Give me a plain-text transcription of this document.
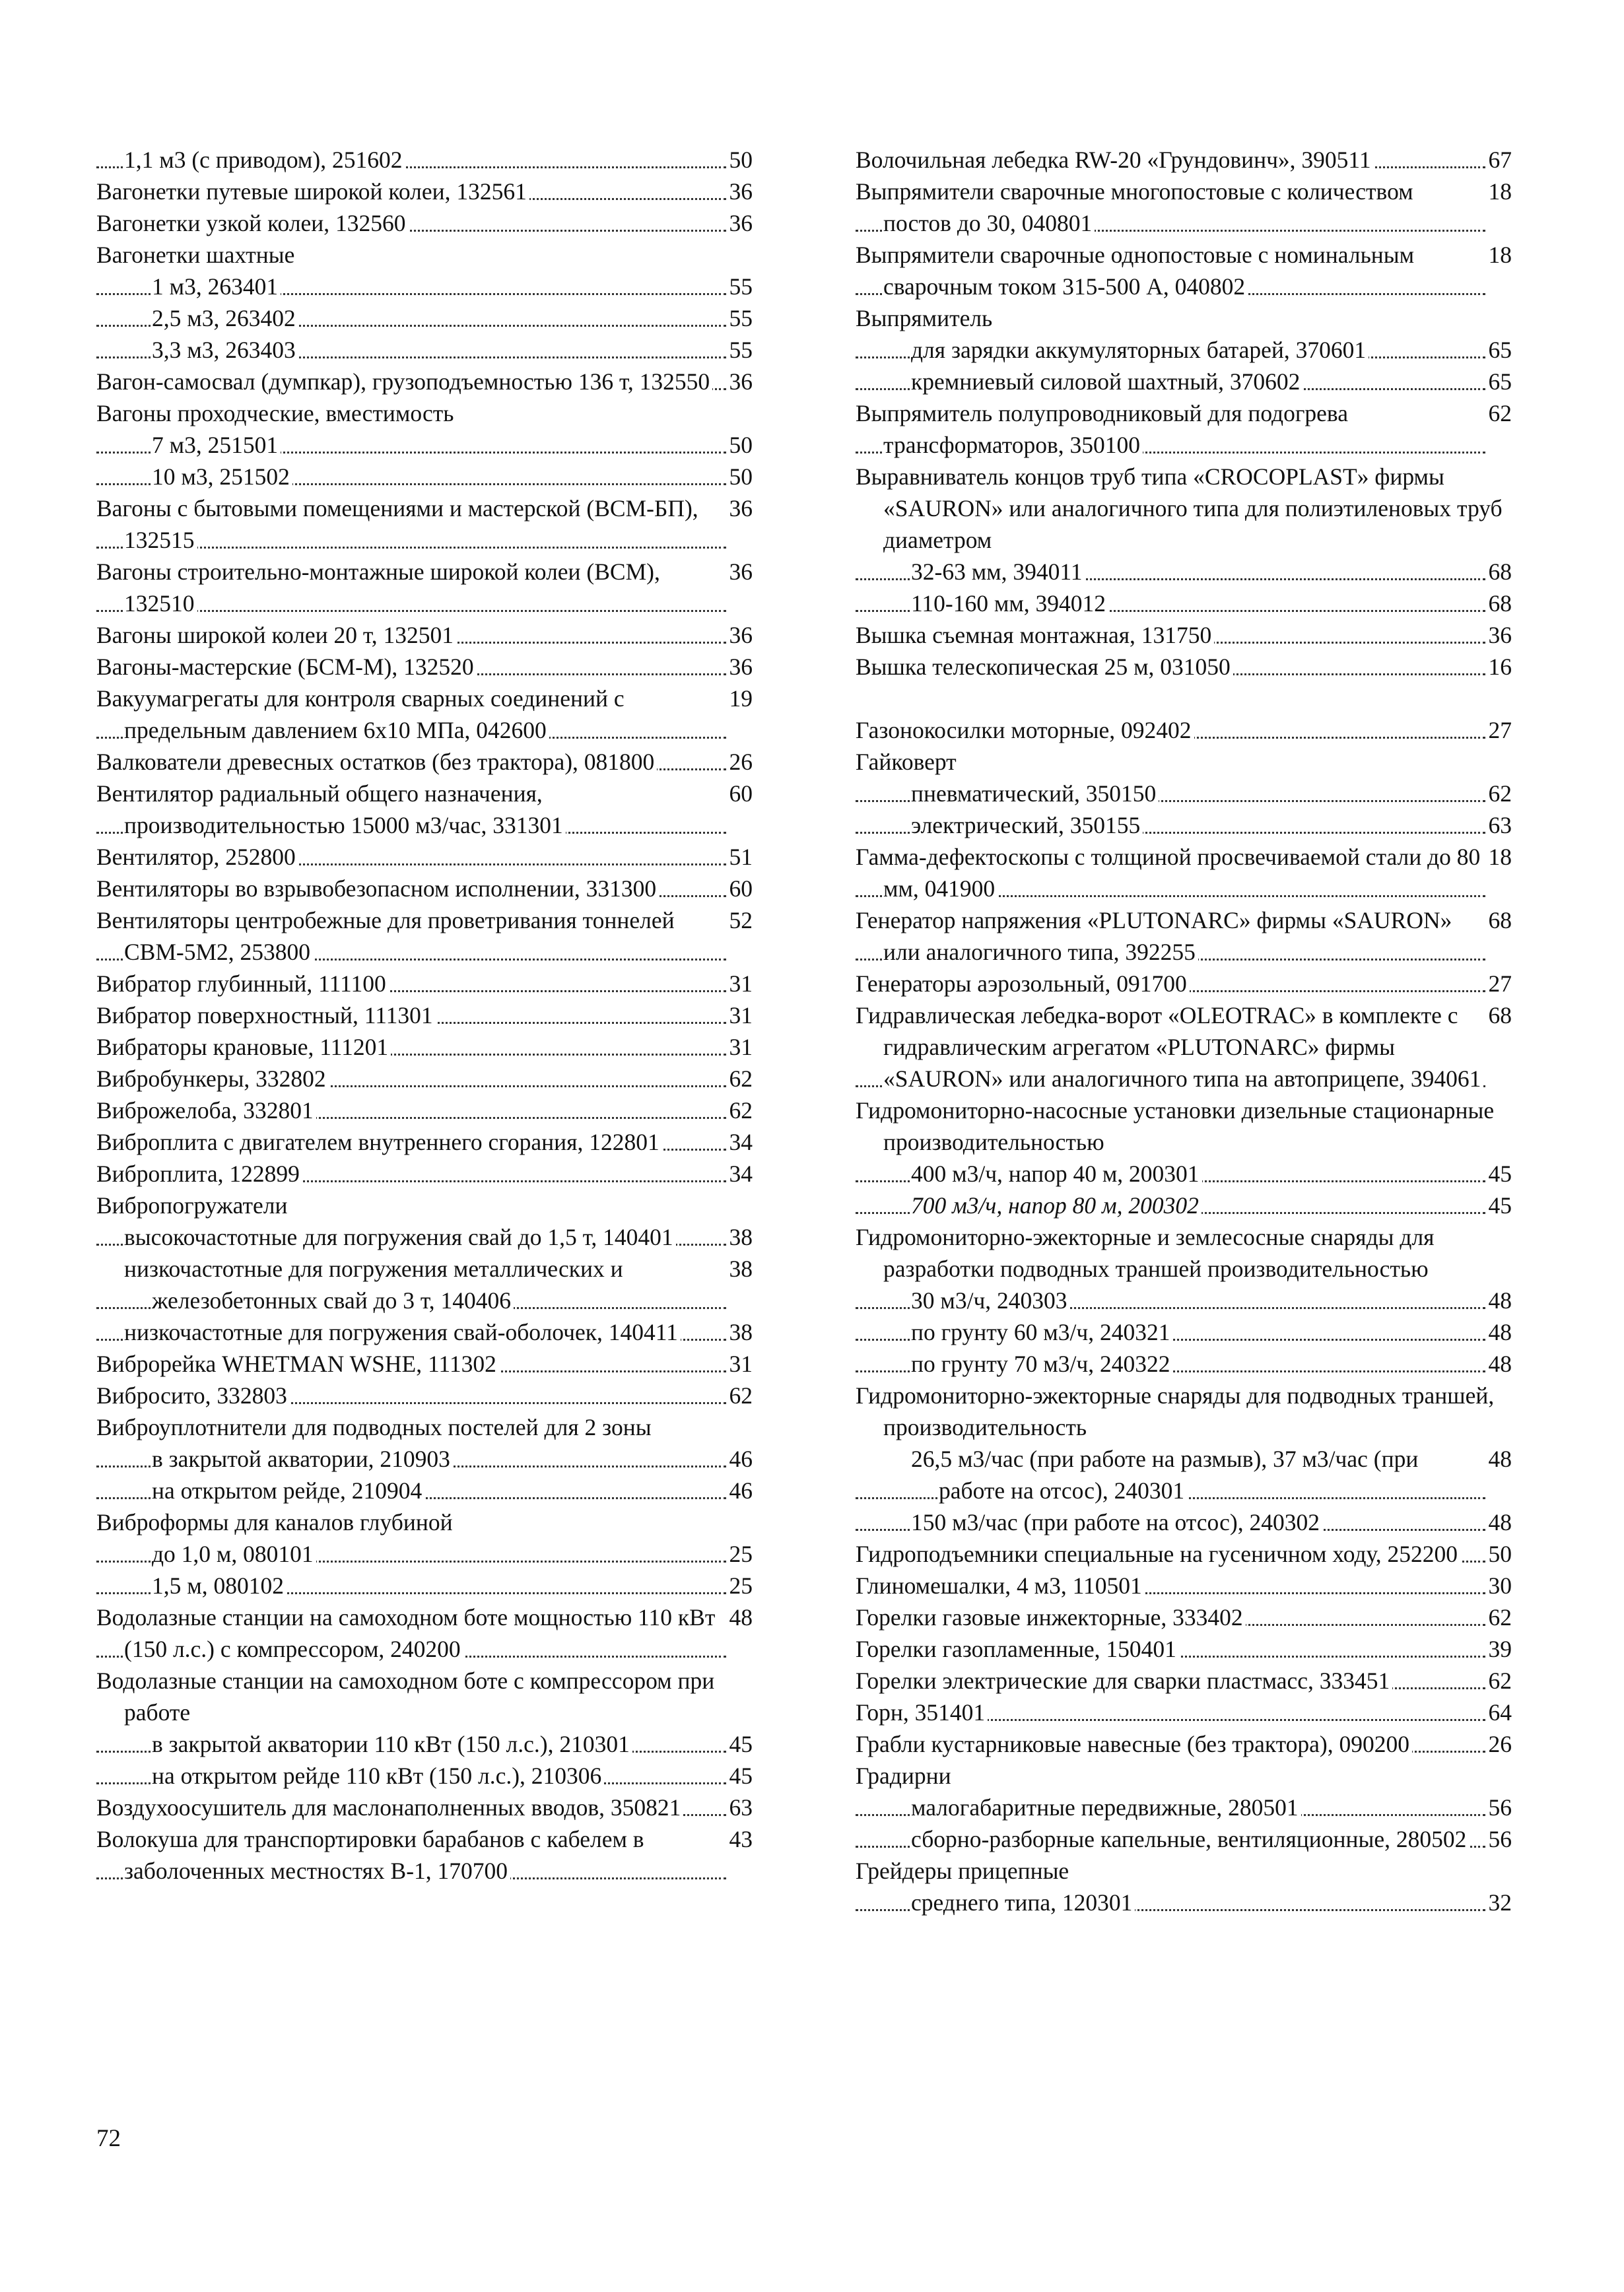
50
1,1 м3 (с приводом), 251602
36
Вагонетки путевые широкой колеи, 132561
36
Вагонетки узкой колеи, 132560
Вагонетки шахтные
55
1 м3, 263401
55
2,5 м3, 263402
55
3,3 м3, 263403
36
Вагон-самосвал (думпкар), грузоподъемностью 136 т, 132550
Вагоны проходческие, вместимость
50
7 м3, 251501
50
10 м3, 251502
36
Вагоны с бытовыми помещениями и мастерской (ВСМ-БП), 132515
36
Вагоны строительно-монтажные широкой колеи (ВСМ), 132510
36
Вагоны широкой колеи 20 т, 132501
36
Вагоны-мастерские (БСМ-М), 132520
19
Вакуумагрегаты для контроля сварных соединений с предельным давлением 6х10 МПа, 042600
26
Валкователи древесных остатков (без трактора), 081800
60
Вентилятор радиальный общего назначения, производительностью 15000 м3/час, 331301
51
Вентилятор, 252800
60
Вентиляторы во взрывобезопасном исполнении, 331300
52
Вентиляторы центробежные для проветривания тоннелей СВМ-5М2, 253800
31
Вибратор глубинный, 111100
31
Вибратор поверхностный, 111301
31
Вибраторы крановые, 111201
62
Вибробункеры, 332802
62
Виброжелоба, 332801
34
Виброплита с двигателем внутреннего сгорания, 122801
34
Виброплита, 122899
Вибропогружатели
38
высокочастотные для погружения свай до 1,5 т, 140401
38
низкочастотные для погружения металлических и железобетонных свай до 3 т, 140406
38
низкочастотные для погружения свай-оболочек, 140411
31
Виброрейка WHETMAN WSHE, 111302
62
Вибросито, 332803
Виброуплотнители для подводных постелей для 2 зоны
46
в закрытой акватории, 210903
46
на открытом рейде, 210904
Виброформы для каналов глубиной
25
до 1,0 м, 080101
25
1,5 м, 080102
48
Водолазные станции на самоходном боте мощностью 110 кВт (150 л.с.) с компрессором, 240200
Водолазные станции на самоходном боте с компрессором при работе
45
в закрытой акватории 110 кВт (150 л.с.), 210301
45
на открытом рейде 110 кВт (150 л.с.), 210306
63
Воздухоосушитель для маслонаполненных вводов, 350821
43
Волокуша для транспортировки барабанов с кабелем в заболоченных местностях В-1, 170700
67
Волочильная лебедка RW-20 «Грундовинч», 390511
18
Выпрямители сварочные многопостовые с количеством постов до 30, 040801
18
Выпрямители сварочные однопостовые с номинальным сварочным током 315-500 А, 040802
Выпрямитель
65
для зарядки аккумуляторных батарей, 370601
65
кремниевый силовой шахтный, 370602
62
Выпрямитель полупроводниковый для подогрева трансформаторов, 350100
Выравниватель концов труб типа «CROCOPLAST» фирмы «SAURON» или аналогичного типа для полиэтиленовых труб диаметром
68
32-63 мм, 394011
68
110-160 мм, 394012
36
Вышка съемная монтажная, 131750
16
Вышка телескопическая 25 м, 031050
27
Газонокосилки моторные, 092402
Гайковерт
62
пневматический, 350150
63
электрический, 350155
18
Гамма-дефектоскопы с толщиной просвечиваемой стали до 80 мм, 041900
68
Генератор напряжения «PLUTONARC» фирмы «SAURON» или аналогичного типа, 392255
27
Генераторы аэрозольный, 091700
68
Гидравлическая лебедка-ворот «OLEOTRAC» в комплекте с гидравлическим агрегатом «PLUTONARC» фирмы «SAURON» или аналогичного типа на автоприцепе, 394061
Гидромониторно-насосные установки дизельные стационарные производительностью
45
400 м3/ч, напор 40 м, 200301
45
700 м3/ч, напор 80 м, 200302
Гидромониторно-эжекторные и землесосные снаряды для разработки подводных траншей производительностью
48
30 м3/ч, 240303
48
по грунту 60 м3/ч, 240321
48
по грунту 70 м3/ч, 240322
Гидромониторно-эжекторные снаряды для подводных траншей, производительность
48
26,5 м3/час (при работе на размыв), 37 м3/час (при работе на отсос), 240301
48
150 м3/час (при работе на отсос), 240302
50
Гидроподъемники специальные на гусеничном ходу, 252200
30
Глиномешалки, 4 м3, 110501
62
Горелки газовые инжекторные, 333402
39
Горелки газопламенные, 150401
62
Горелки электрические для сварки пластмасс, 333451
64
Горн, 351401
26
Грабли кустарниковые навесные (без трактора), 090200
Градирни
56
малогабаритные передвижные, 280501
56
сборно-разборные капельные, вентиляционные, 280502
Грейдеры прицепные
32
среднего типа, 120301
72
